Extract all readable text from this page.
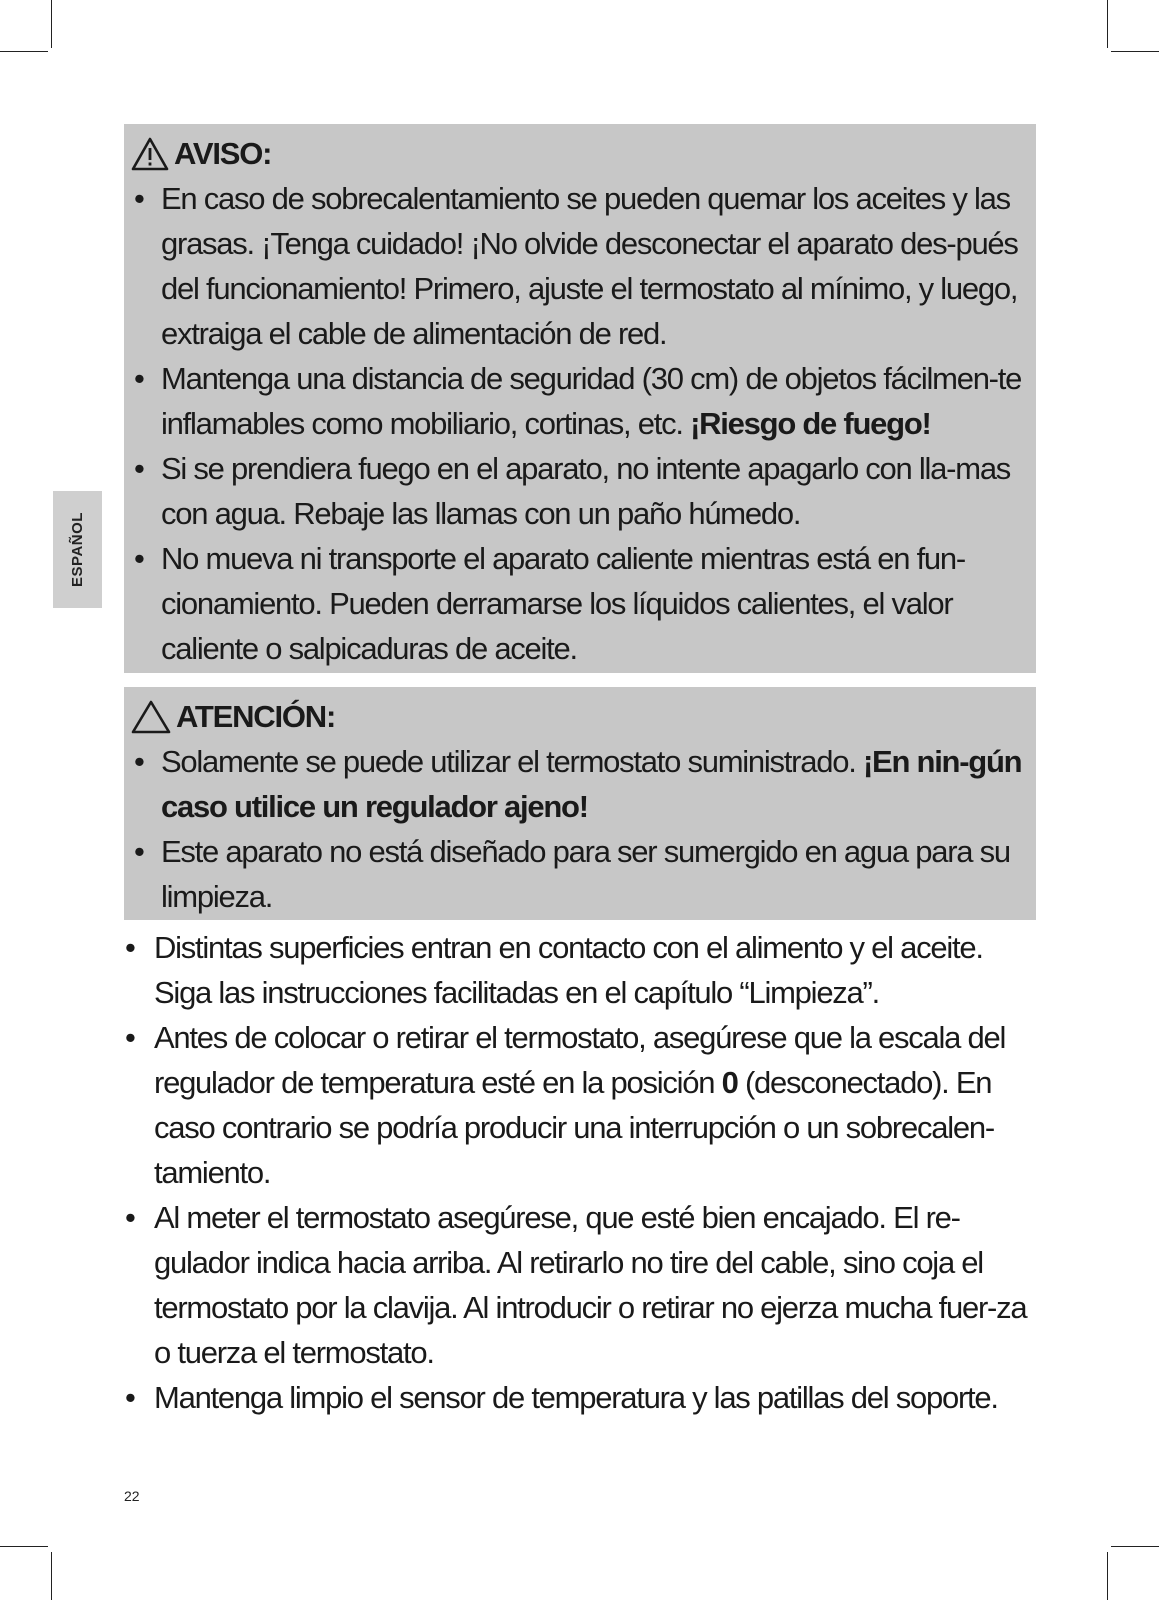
ESPAÑOL
AVISO:
• En caso de sobrecalentamiento se pueden quemar los aceites y las grasas. ¡Tenga cuidado! ¡No olvide desconectar el aparato des-pués del funcionamiento! Primero, ajuste el termostato al mínimo, y luego, extraiga el cable de alimentación de red.
• Mantenga una distancia de seguridad (30 cm) de objetos fácilmen-te inflamables como mobiliario, cortinas, etc. ¡Riesgo de fuego!
• Si se prendiera fuego en el aparato, no intente apagarlo con lla-mas con agua. Rebaje las llamas con un paño húmedo.
• No mueva ni transporte el aparato caliente mientras está en fun-cionamiento. Pueden derramarse los líquidos calientes, el valor caliente o salpicaduras de aceite.
ATENCIÓN:
• Solamente se puede utilizar el termostato suministrado. ¡En nin-gún caso utilice un regulador ajeno!
• Este aparato no está diseñado para ser sumergido en agua para su limpieza.
• Distintas superficies entran en contacto con el alimento y el aceite. Siga las instrucciones facilitadas en el capítulo “Limpieza”.
• Antes de colocar o retirar el termostato, asegúrese que la escala del regulador de temperatura esté en la posición 0 (desconectado). En caso contrario se podría producir una interrupción o un sobrecalen-tamiento.
• Al meter el termostato asegúrese, que esté bien encajado. El re-gulador indica hacia arriba. Al retirarlo no tire del cable, sino coja el termostato por la clavija. Al introducir o retirar no ejerza mucha fuer-za o tuerza el termostato.
• Mantenga limpio el sensor de temperatura y las patillas del soporte.
22
